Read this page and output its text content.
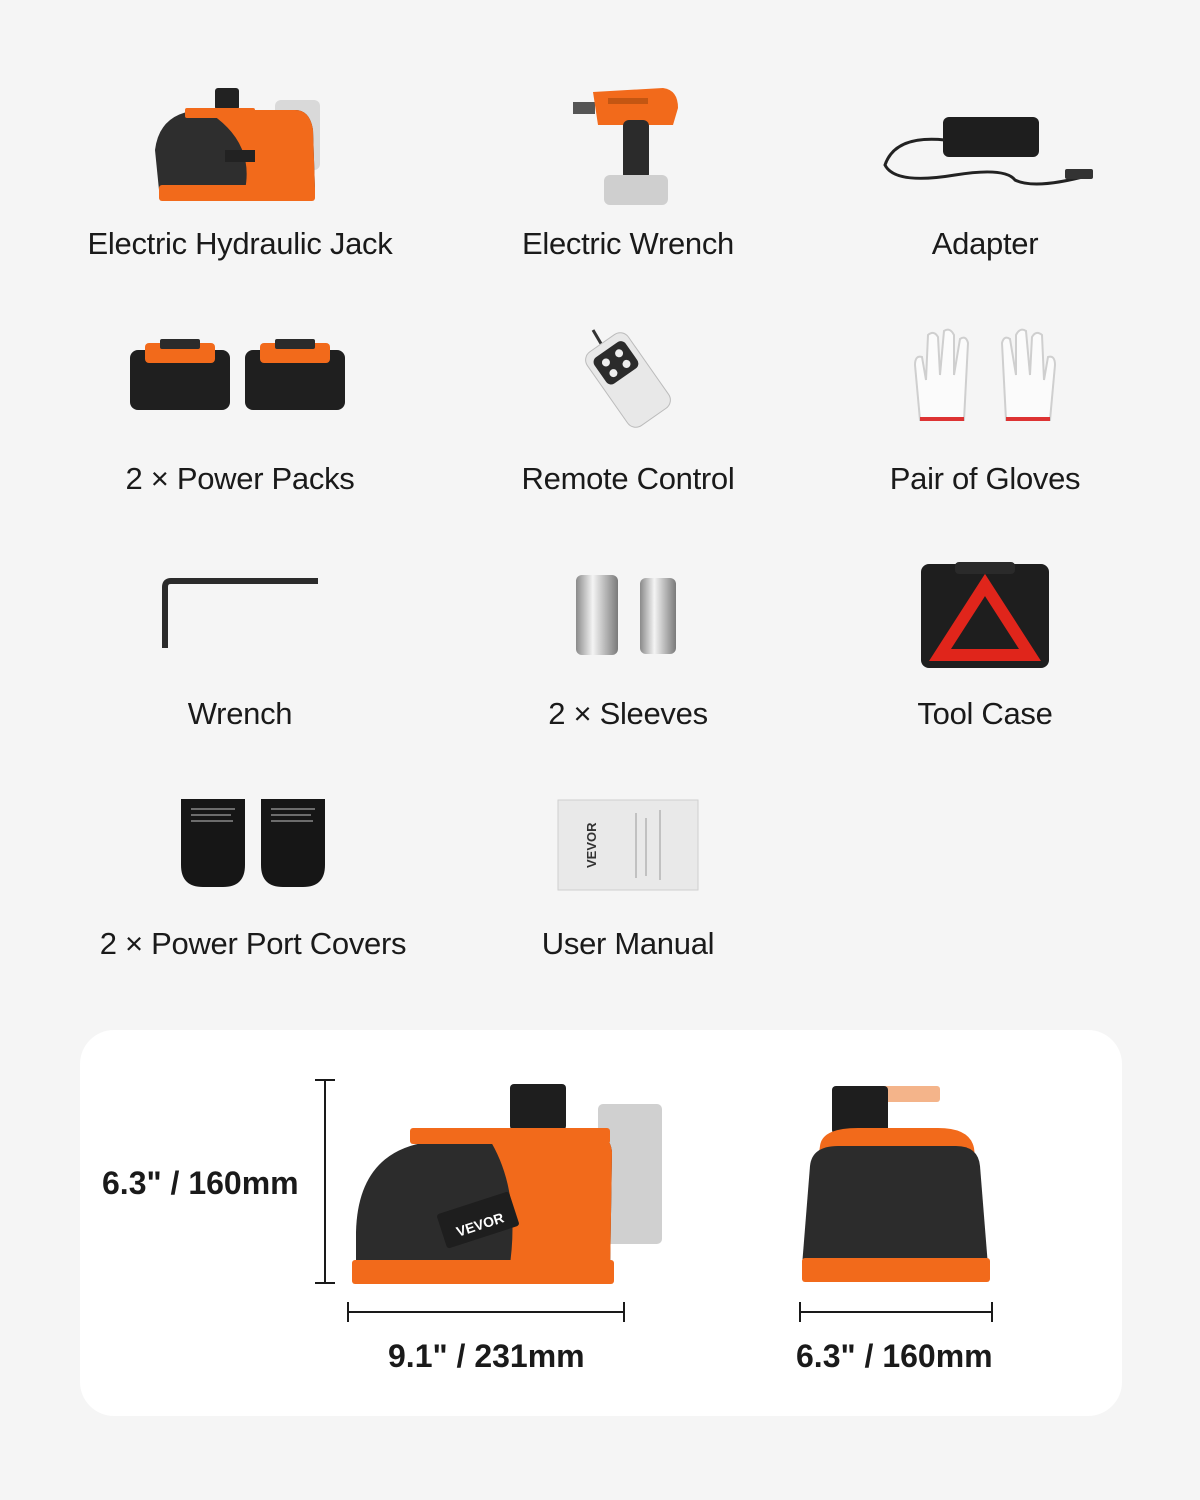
Electric Hydraulic Jack	Electric Wrench	Adapter
2 × Power Packs	Remote Control	Pair of Gloves
Wrench	2 × Sleeves	Tool Case
2 × Power Port Covers
VEVOR
User Manual
6.3" / 160mm
VEVOR
9.1" / 231mm	6.3" / 160mm
